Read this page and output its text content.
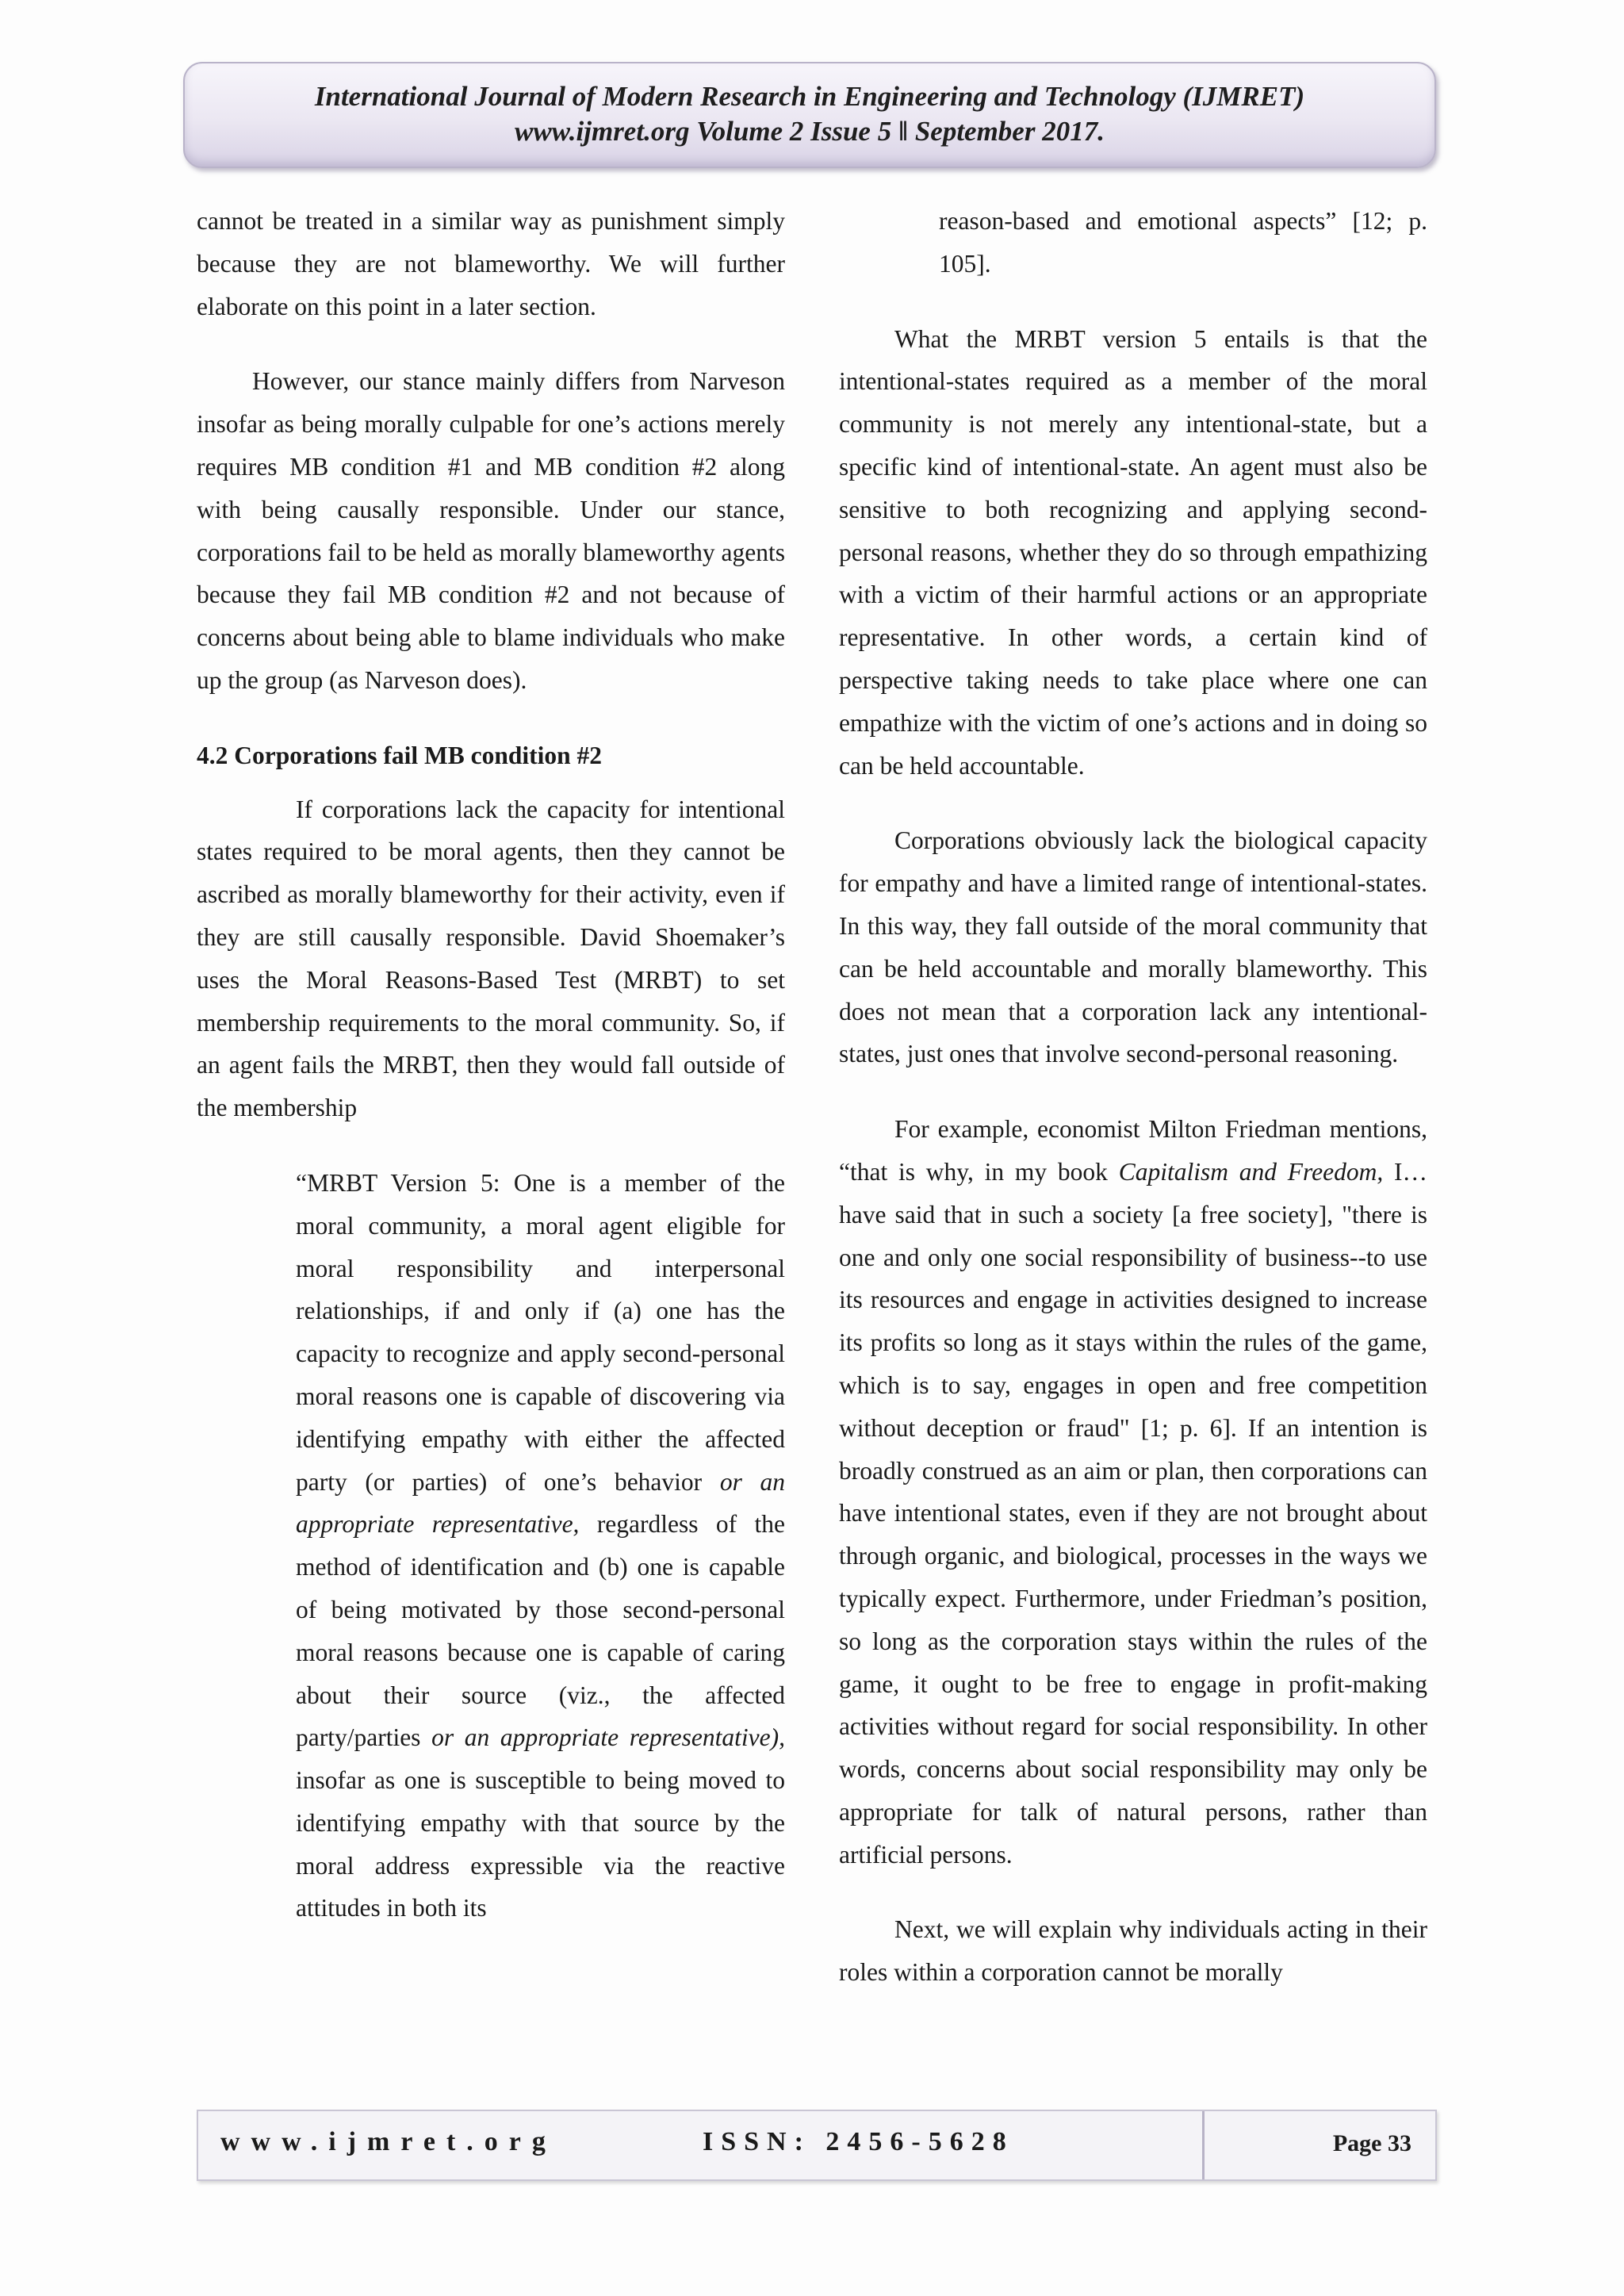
International Journal of Modern Research in Engineering and Technology (IJMRET)
www.ijmret.org Volume 2 Issue 5 ‖ September 2017.

cannot be treated in a similar way as punishment simply because they are not blameworthy. We will further elaborate on this point in a later section.

However, our stance mainly differs from Narveson insofar as being morally culpable for one’s actions merely requires MB condition #1 and MB condition #2 along with being causally responsible. Under our stance, corporations fail to be held as morally blameworthy agents because they fail MB condition #2 and not because of concerns about being able to blame individuals who make up the group (as Narveson does).

4.2 Corporations fail MB condition #2

If corporations lack the capacity for intentional states required to be moral agents, then they cannot be ascribed as morally blameworthy for their activity, even if they are still causally responsible. David Shoemaker’s uses the Moral Reasons-Based Test (MRBT) to set membership requirements to the moral community. So, if an agent fails the MRBT, then they would fall outside of the membership

“MRBT Version 5: One is a member of the moral community, a moral agent eligible for moral responsibility and interpersonal relationships, if and only if (a) one has the capacity to recognize and apply second-personal moral reasons one is capable of discovering via identifying empathy with either the affected party (or parties) of one’s behavior or an appropriate representative, regardless of the method of identification and (b) one is capable of being motivated by those second-personal moral reasons because one is capable of caring about their source (viz., the affected party/parties or an appropriate representative), insofar as one is susceptible to being moved to identifying empathy with that source by the moral address expressible via the reactive attitudes in both its

reason-based and emotional aspects” [12; p. 105].

What the MRBT version 5 entails is that the intentional-states required as a member of the moral community is not merely any intentional-state, but a specific kind of intentional-state. An agent must also be sensitive to both recognizing and applying second-personal reasons, whether they do so through empathizing with a victim of their harmful actions or an appropriate representative. In other words, a certain kind of perspective taking needs to take place where one can empathize with the victim of one’s actions and in doing so can be held accountable.

Corporations obviously lack the biological capacity for empathy and have a limited range of intentional-states. In this way, they fall outside of the moral community that can be held accountable and morally blameworthy. This does not mean that a corporation lack any intentional-states, just ones that involve second-personal reasoning.

For example, economist Milton Friedman mentions, “that is why, in my book Capitalism and Freedom, I… have said that in such a society [a free society], "there is one and only one social responsibility of business--to use its resources and engage in activities designed to increase its profits so long as it stays within the rules of the game, which is to say, engages in open and free competition without deception or fraud" [1; p. 6]. If an intention is broadly construed as an aim or plan, then corporations can have intentional states, even if they are not brought about through organic, and biological, processes in the ways we typically expect. Furthermore, under Friedman’s position, so long as the corporation stays within the rules of the game, it ought to be free to engage in profit-making activities without regard for social responsibility. In other words, concerns about social responsibility may only be appropriate for talk of natural persons, rather than artificial persons.

Next, we will explain why individuals acting in their roles within a corporation cannot be morally

www.ijmret.org	ISSN: 2456-5628	Page 33
